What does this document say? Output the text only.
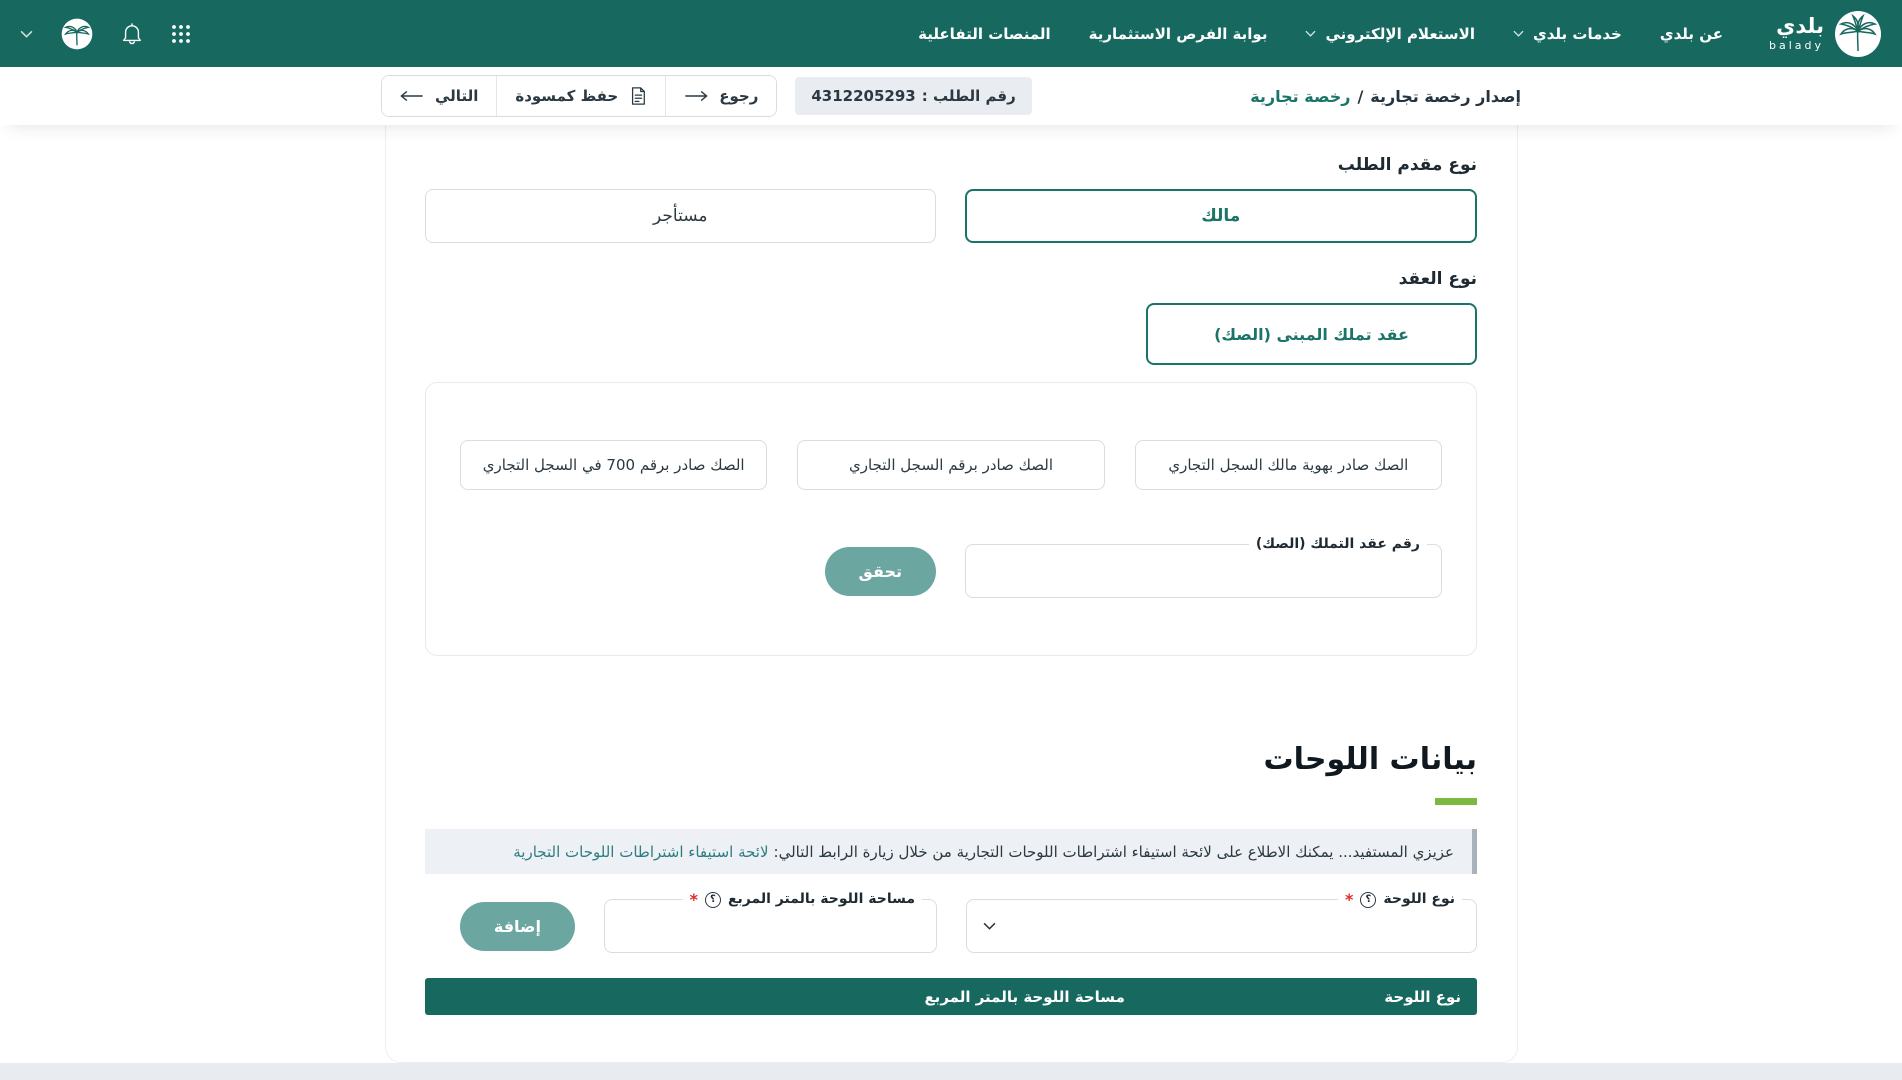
بلدي
balady
عن بلدي
خدمات بلدي
الاستعلام الإلكتروني
بوابة الفرص الاستثمارية
المنصات التفاعلية
إصدار رخصة تجارية
/
رخصة تجارية
رقم الطلب :
4312205293
رجوع
حفظ كمسودة
التالي

نوع مقدم الطلب

مالك
مستأجر

نوع العقد

عقد تملك المبنى (الصك)
الصك صادر بهوية مالك السجل التجاري
الصك صادر برقم السجل التجاري
الصك صادر برقم 700 في السجل التجاري
رقم عقد التملك (الصك)
تحقق
بيانات اللوحات
عزيزي المستفيد... يمكنك الاطلاع على لائحة استيفاء اشتراطات اللوحات التجارية من خلال زيارة الرابط التالي:
لائحة استيفاء اشتراطات اللوحات التجارية
نوع اللوحة
؟
*
مساحة اللوحة بالمتر المربع
؟
*
إضافة
نوع اللوحة
مساحة اللوحة بالمتر المربع
